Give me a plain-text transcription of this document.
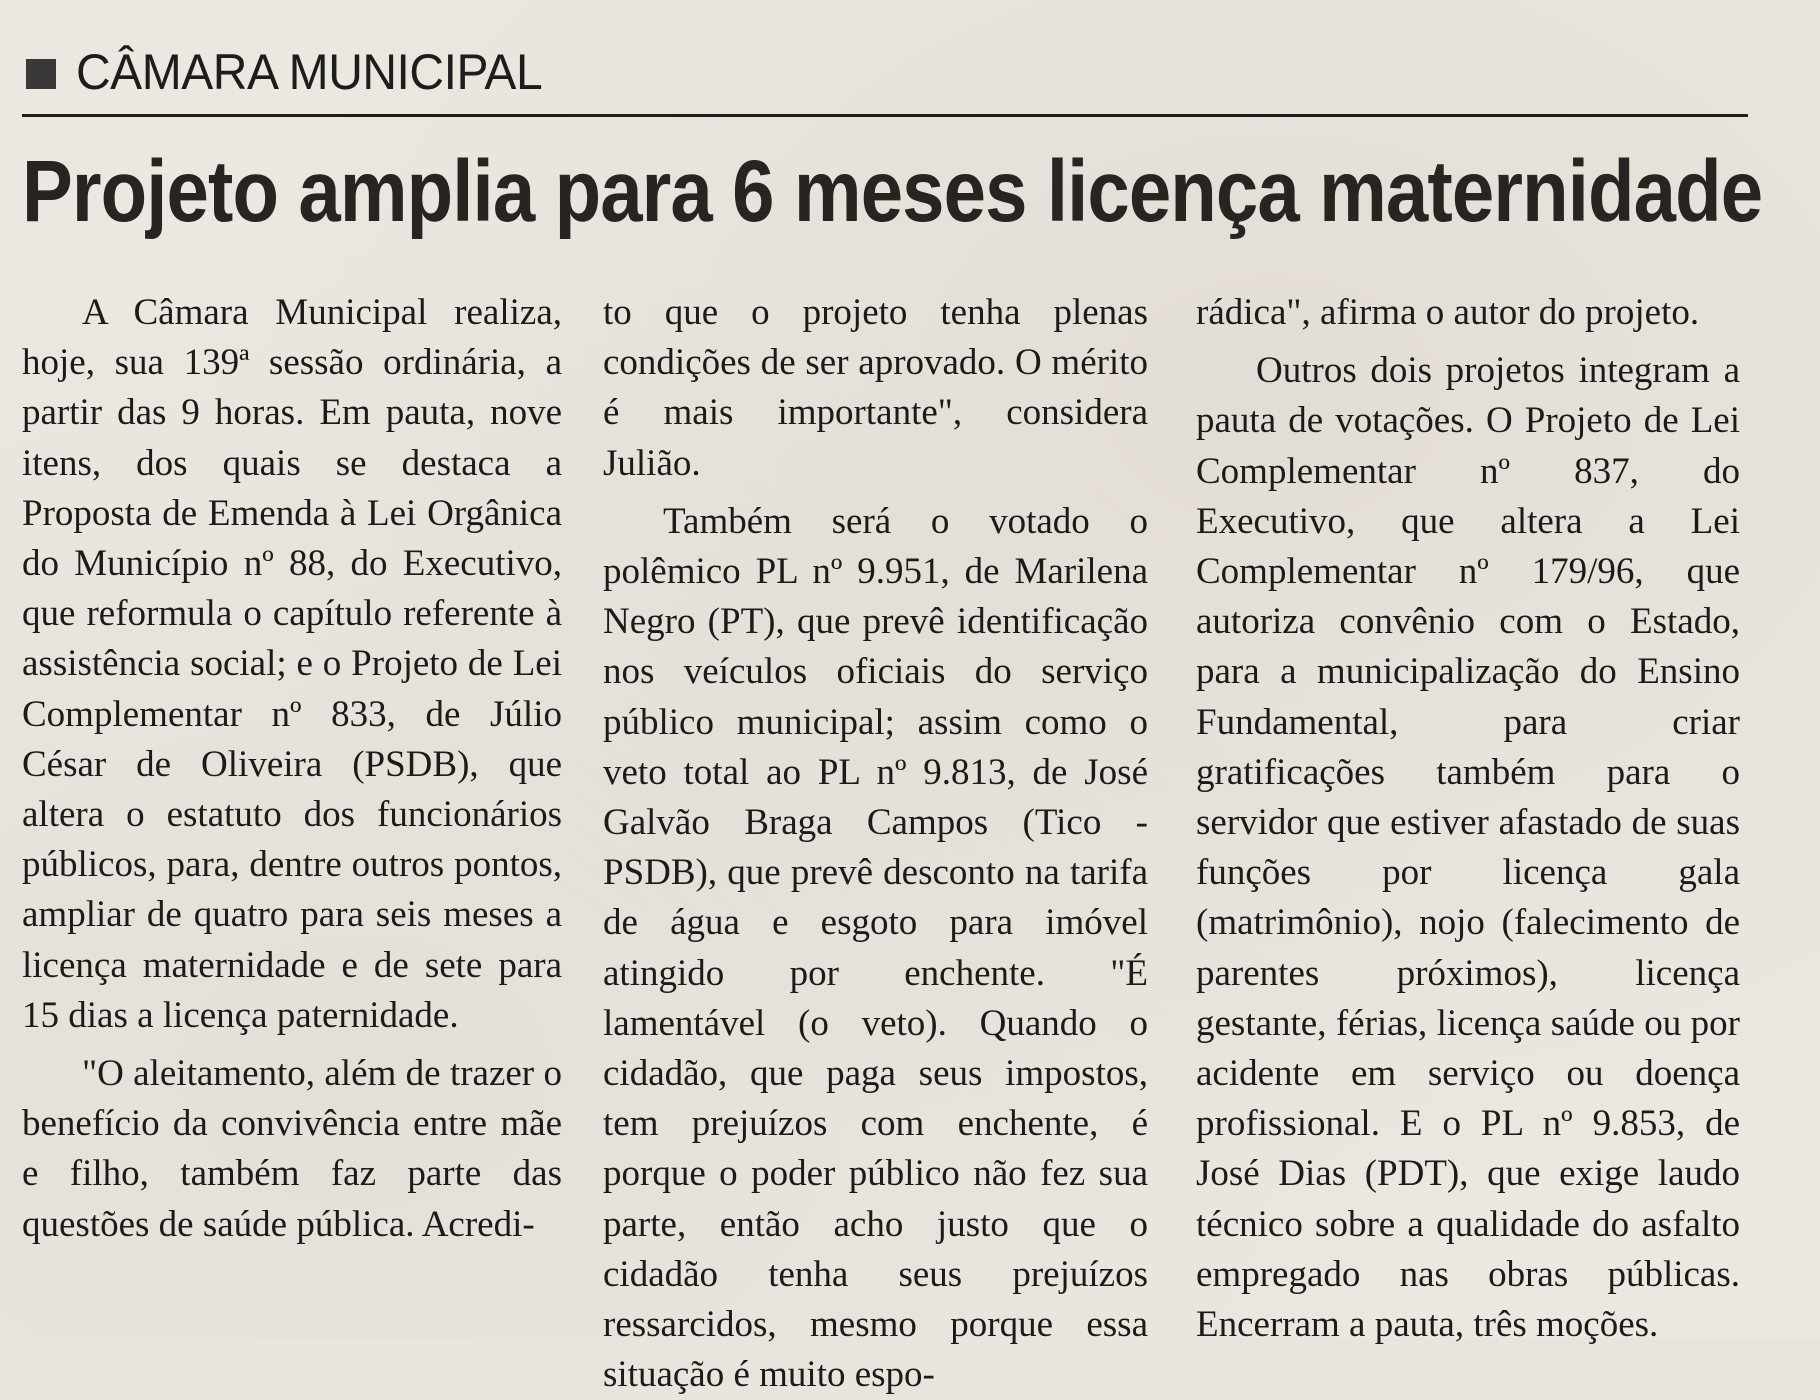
CÂMARA MUNICIPAL
Projeto amplia para 6 meses licença maternidade

A Câmara Municipal realiza, hoje, sua 139ª sessão ordinária, a partir das 9 horas. Em pauta, nove itens, dos quais se destaca a Proposta de Emenda à Lei Orgânica do Município nº 88, do Executivo, que reformula o capítulo referente à assistência social; e o Projeto de Lei Complementar nº 833, de Júlio César de Oliveira (PSDB), que altera o estatuto dos funcionários públicos, para, dentre outros pontos, ampliar de quatro para seis meses a licença maternidade e de sete para 15 dias a licença paternidade.

"O aleitamento, além de trazer o benefício da convivência entre mãe e filho, também faz parte das questões de saúde pública. Acredi-

to que o projeto tenha plenas condições de ser aprovado. O mérito é mais importante", considera Julião.

Também será o votado o polêmico PL nº 9.951, de Marilena Negro (PT), que prevê identificação nos veículos oficiais do serviço público municipal; assim como o veto total ao PL nº 9.813, de José Galvão Braga Campos (Tico - PSDB), que prevê desconto na tarifa de água e esgoto para imóvel atingido por enchente. "É lamentável (o veto). Quando o cidadão, que paga seus impostos, tem prejuízos com enchente, é porque o poder público não fez sua parte, então acho justo que o cidadão tenha seus prejuízos ressarcidos, mesmo porque essa situação é muito espo-

rádica", afirma o autor do projeto.

Outros dois projetos integram a pauta de votações. O Projeto de Lei Complementar nº 837, do Executivo, que altera a Lei Complementar nº 179/96, que autoriza convênio com o Estado, para a municipalização do Ensino Fundamental, para criar gratificações também para o servidor que estiver afastado de suas funções por licença gala (matrimônio), nojo (falecimento de parentes próximos), licença gestante, férias, licença saúde ou por acidente em serviço ou doença profissional. E o PL nº 9.853, de José Dias (PDT), que exige laudo técnico sobre a qualidade do asfalto empregado nas obras públicas. Encerram a pauta, três moções.
